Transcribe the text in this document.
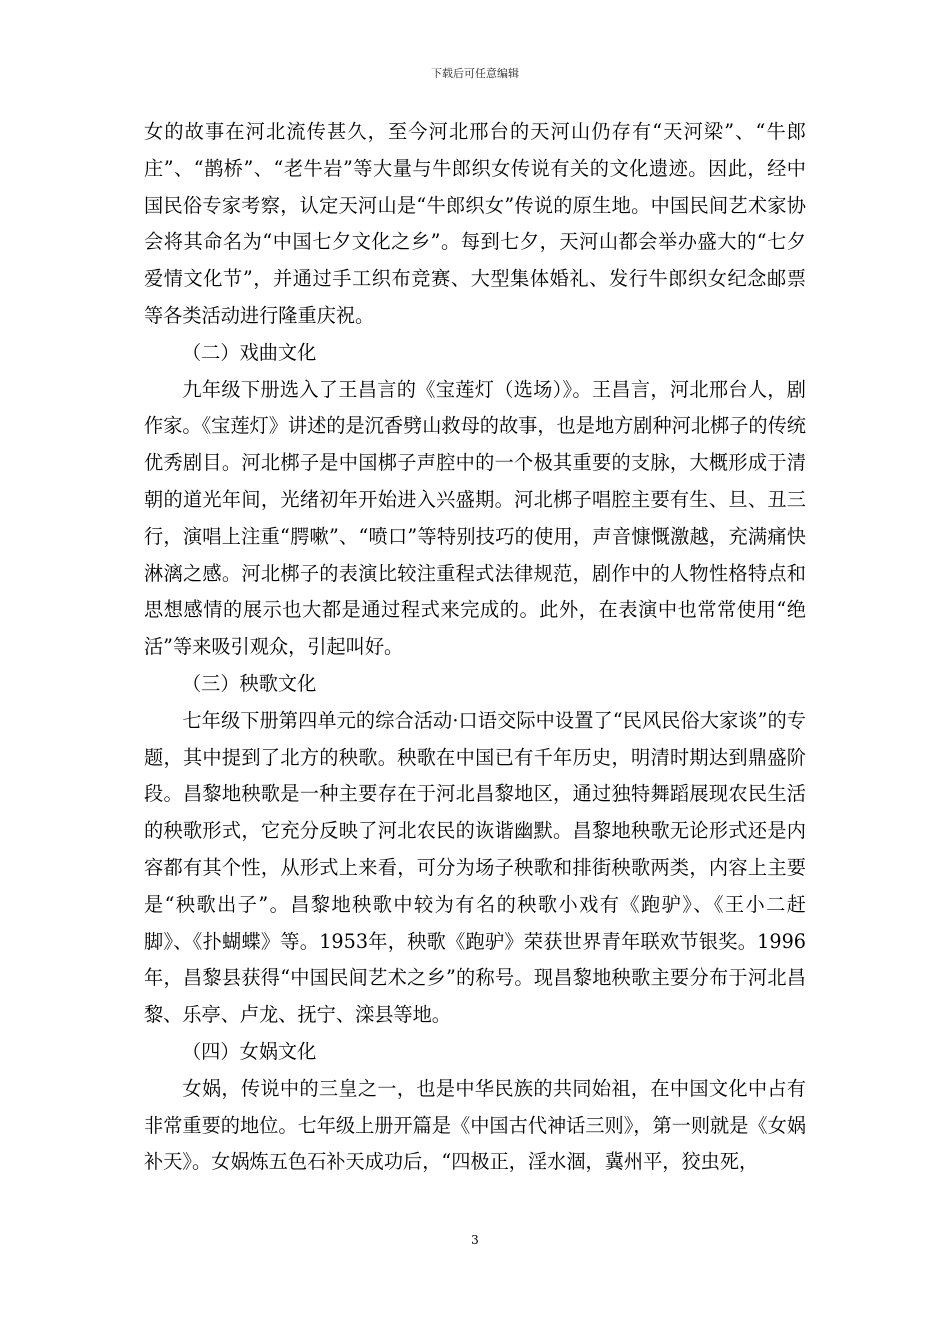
下载后可任意编辑

女的故事在河北流传甚久，至今河北邢台的天河山仍存有“天河梁”、“牛郎庄”、“鹊桥”、“老牛岩”等大量与牛郎织女传说有关的文化遗迹。因此，经中国民俗专家考察，认定天河山是“牛郎织女”传说的原生地。中国民间艺术家协会将其命名为“中国七夕文化之乡”。每到七夕，天河山都会举办盛大的“七夕爱情文化节”，并通过手工织布竞赛、大型集体婚礼、发行牛郎织女纪念邮票等各类活动进行隆重庆祝。

（二）戏曲文化

九年级下册选入了王昌言的《宝莲灯（选场）》。王昌言，河北邢台人，剧作家。《宝莲灯》讲述的是沉香劈山救母的故事，也是地方剧种河北梆子的传统优秀剧目。河北梆子是中国梆子声腔中的一个极其重要的支脉，大概形成于清朝的道光年间，光绪初年开始进入兴盛期。河北梆子唱腔主要有生、旦、丑三行，演唱上注重“腭嗽”、“喷口”等特别技巧的使用，声音慷慨激越，充满痛快淋漓之感。河北梆子的表演比较注重程式法律规范，剧作中的人物性格特点和思想感情的展示也大都是通过程式来完成的。此外，在表演中也常常使用“绝活”等来吸引观众，引起叫好。

（三）秧歌文化

七年级下册第四单元的综合活动·口语交际中设置了“民风民俗大家谈”的专题，其中提到了北方的秧歌。秧歌在中国已有千年历史，明清时期达到鼎盛阶段。昌黎地秧歌是一种主要存在于河北昌黎地区，通过独特舞蹈展现农民生活的秧歌形式，它充分反映了河北农民的诙谐幽默。昌黎地秧歌无论形式还是内容都有其个性，从形式上来看，可分为场子秧歌和排街秧歌两类，内容上主要是“秧歌出子”。昌黎地秧歌中较为有名的秧歌小戏有《跑驴》、《王小二赶脚》、《扑蝴蝶》等。1953年，秧歌《跑驴》荣获世界青年联欢节银奖。1996年，昌黎县获得“中国民间艺术之乡”的称号。现昌黎地秧歌主要分布于河北昌黎、乐亭、卢龙、抚宁、滦县等地。

（四）女娲文化

女娲，传说中的三皇之一，也是中华民族的共同始祖，在中国文化中占有非常重要的地位。七年级上册开篇是《中国古代神话三则》，第一则就是《女娲补天》。女娲炼五色石补天成功后，“四极正，淫水涸，冀州平，狡虫死，

3
